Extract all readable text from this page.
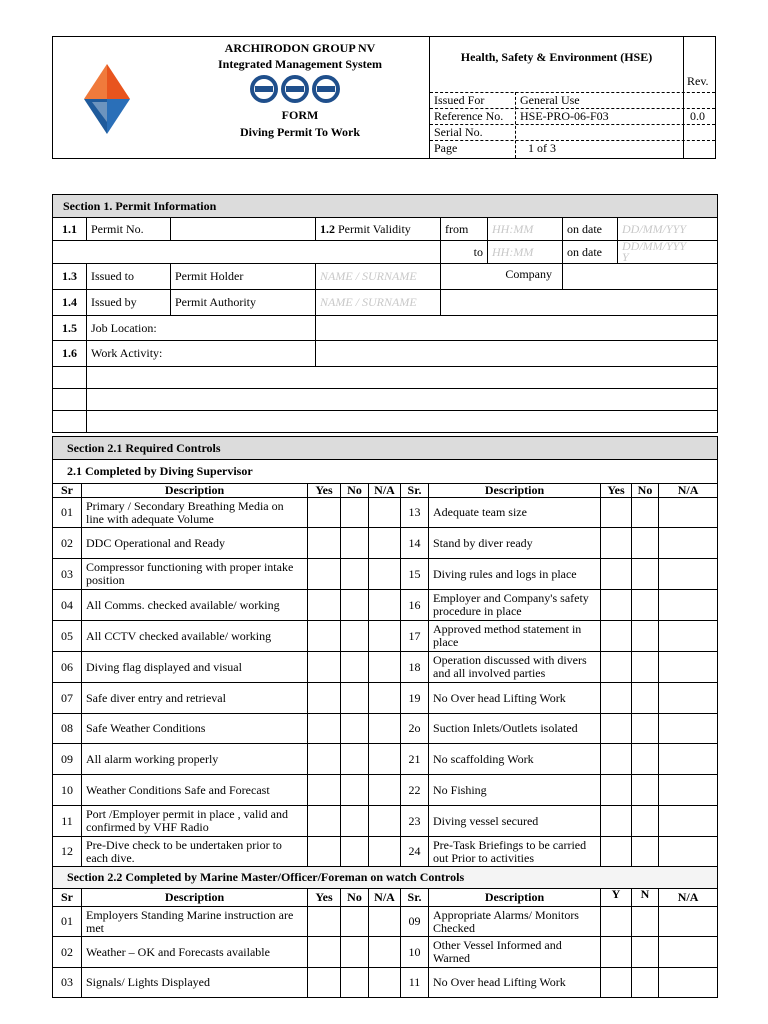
ARCHIRODON GROUP NV
Integrated Management System
FORM
Diving Permit To Work
Health, Safety & Environment (HSE)
Rev.
0.0
Issued For	General Use
Reference No. HSE-PRO-06-F03
Serial No.
Page	1 of 3
Section 1. Permit Information							
1.1	Permit No.		1.2 Permit Validity	from	HH:MM	on date	DD/MM/YYY
				to	HH:MM	on date	DD/MM/YYY
Y
1.3	Issued to	Permit Holder	NAME / SURNAME	Company			
1.4	Issued by	Permit Authority	NAME / SURNAME				
1.5	Job Location:						
1.6	Work Activity:						

Section 2.1 Required Controls									
2.1 Completed by Diving Supervisor									
Sr	Description	Yes	No	N/A	Sr.	Description	Yes	No	N/A
01	Primary / Secondary Breathing Media on line with adequate Volume				13	Adequate team size			
02	DDC Operational and Ready				14	Stand by diver ready			
03	Compressor functioning with proper intake position				15	Diving rules and logs in place			
04	All Comms. checked available/ working				16	Employer and Company's safety procedure in place			
05	All CCTV checked available/ working				17	Approved method statement in place			
06	Diving flag displayed and visual				18	Operation discussed with divers and all involved parties			
07	Safe diver entry and retrieval				19	No Over head Lifting Work			
08	Safe Weather Conditions				2o	Suction Inlets/Outlets isolated			
09	All alarm working properly				21	No scaffolding Work			
10	Weather Conditions Safe and Forecast				22	No Fishing			
11	Port /Employer permit in place , valid and confirmed by VHF Radio				23	Diving vessel secured			
12	Pre-Dive check to be undertaken prior to each dive.				24	Pre-Task Briefings to be carried out Prior to activities			
Section 2.2 Completed by Marine Master/Officer/Foreman on watch Controls									
Sr	Description	Yes	No	N/A	Sr.	Description	Y	N	N/A
01	Employers Standing Marine instruction are met				09	Appropriate Alarms/ Monitors Checked			
02	Weather – OK and Forecasts available				10	Other Vessel Informed and Warned			
03	Signals/ Lights Displayed				11	No Over head Lifting Work			
